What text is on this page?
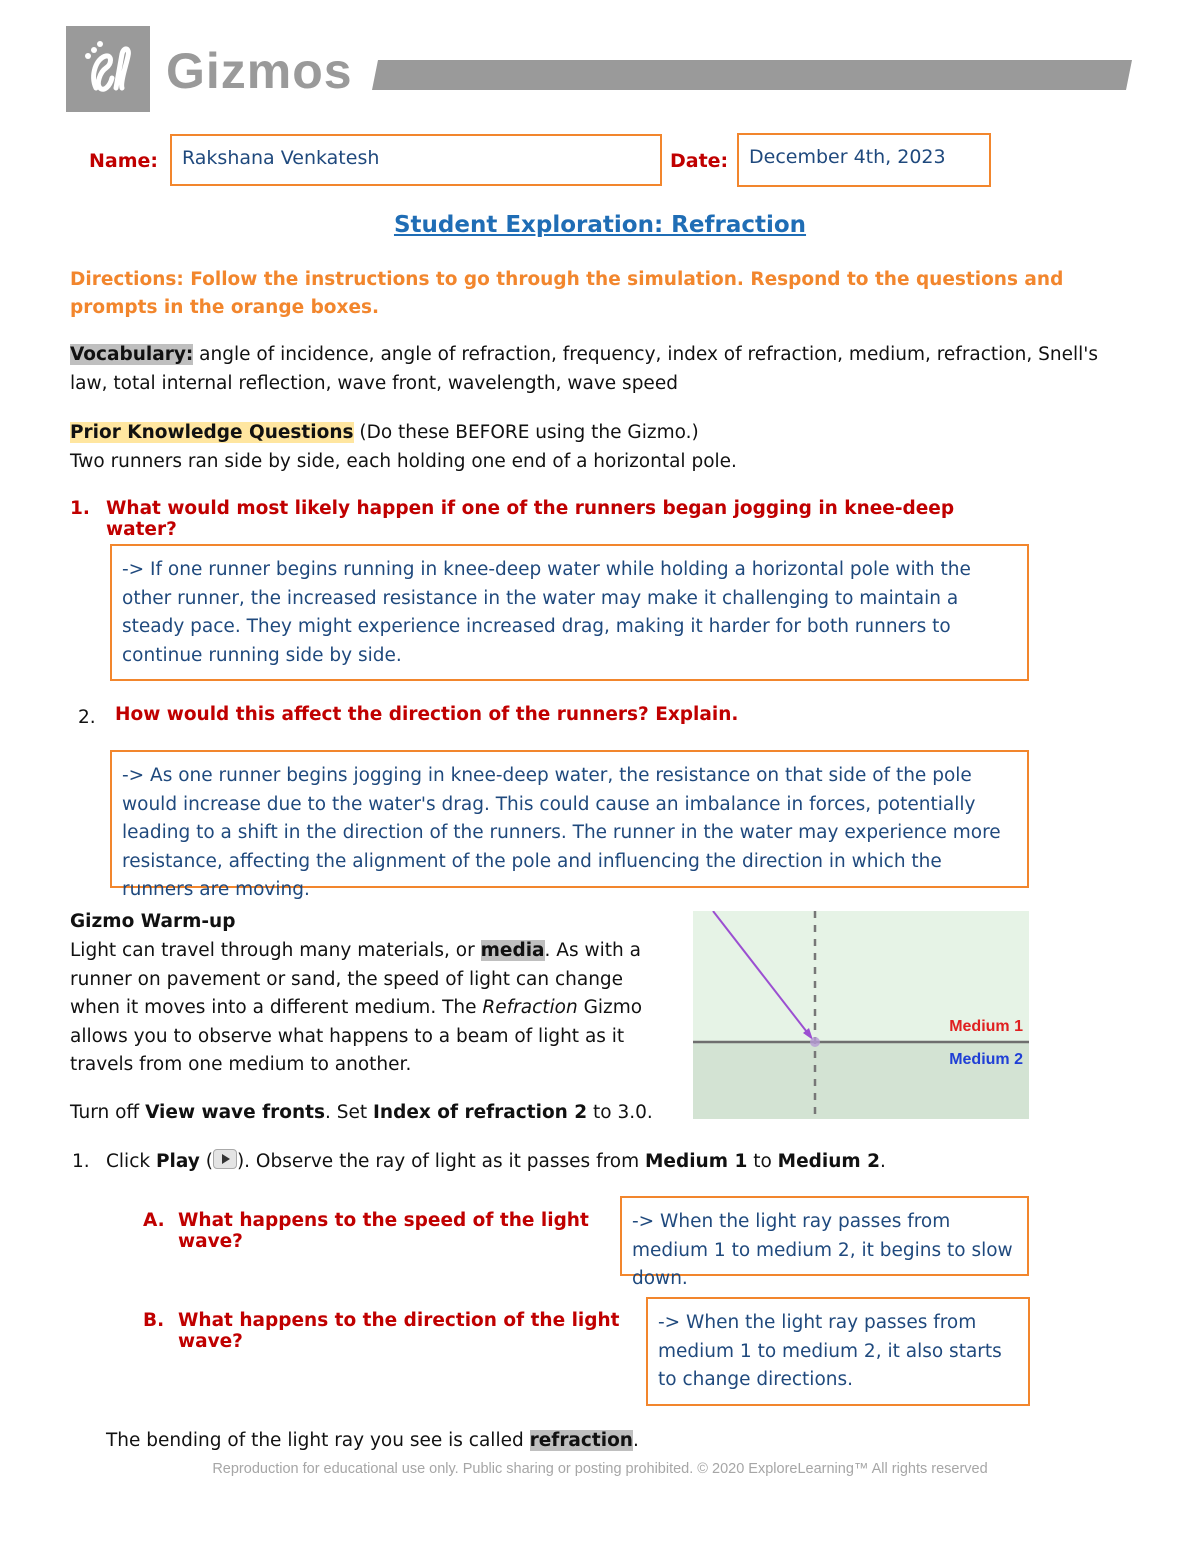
Gizmos
Name:	Rakshana Venkatesh	Date:	December 4th, 2023
Student Exploration: Refraction
Directions: Follow the instructions to go through the simulation. Respond to the questions and prompts in the orange boxes.
Vocabulary: angle of incidence, angle of refraction, frequency, index of refraction, medium, refraction, Snell's law, total internal reflection, wave front, wavelength, wave speed
Prior Knowledge Questions (Do these BEFORE using the Gizmo.)
Two runners ran side by side, each holding one end of a horizontal pole.
1. What would most likely happen if one of the runners began jogging in knee-deep water?
-> If one runner begins running in knee-deep water while holding a horizontal pole with the other runner, the increased resistance in the water may make it challenging to maintain a steady pace. They might experience increased drag, making it harder for both runners to continue running side by side.
2. How would this affect the direction of the runners? Explain.
-> As one runner begins jogging in knee-deep water, the resistance on that side of the pole would increase due to the water's drag. This could cause an imbalance in forces, potentially leading to a shift in the direction of the runners. The runner in the water may experience more resistance, affecting the alignment of the pole and influencing the direction in which the runners are moving.
Gizmo Warm-up
Light can travel through many materials, or media. As with a runner on pavement or sand, the speed of light can change when it moves into a different medium. The Refraction Gizmo allows you to observe what happens to a beam of light as it travels from one medium to another.
Medium 1
Medium 2
Turn off View wave fronts. Set Index of refraction 2 to 3.0.
1. Click Play ( ). Observe the ray of light as it passes from Medium 1 to Medium 2.
A. What happens to the speed of the light wave?
-> When the light ray passes from medium 1 to medium 2, it begins to slow down.
B. What happens to the direction of the light wave?
-> When the light ray passes from medium 1 to medium 2, it also starts to change directions.
The bending of the light ray you see is called refraction.
Reproduction for educational use only. Public sharing or posting prohibited. © 2020 ExploreLearning™ All rights reserved
